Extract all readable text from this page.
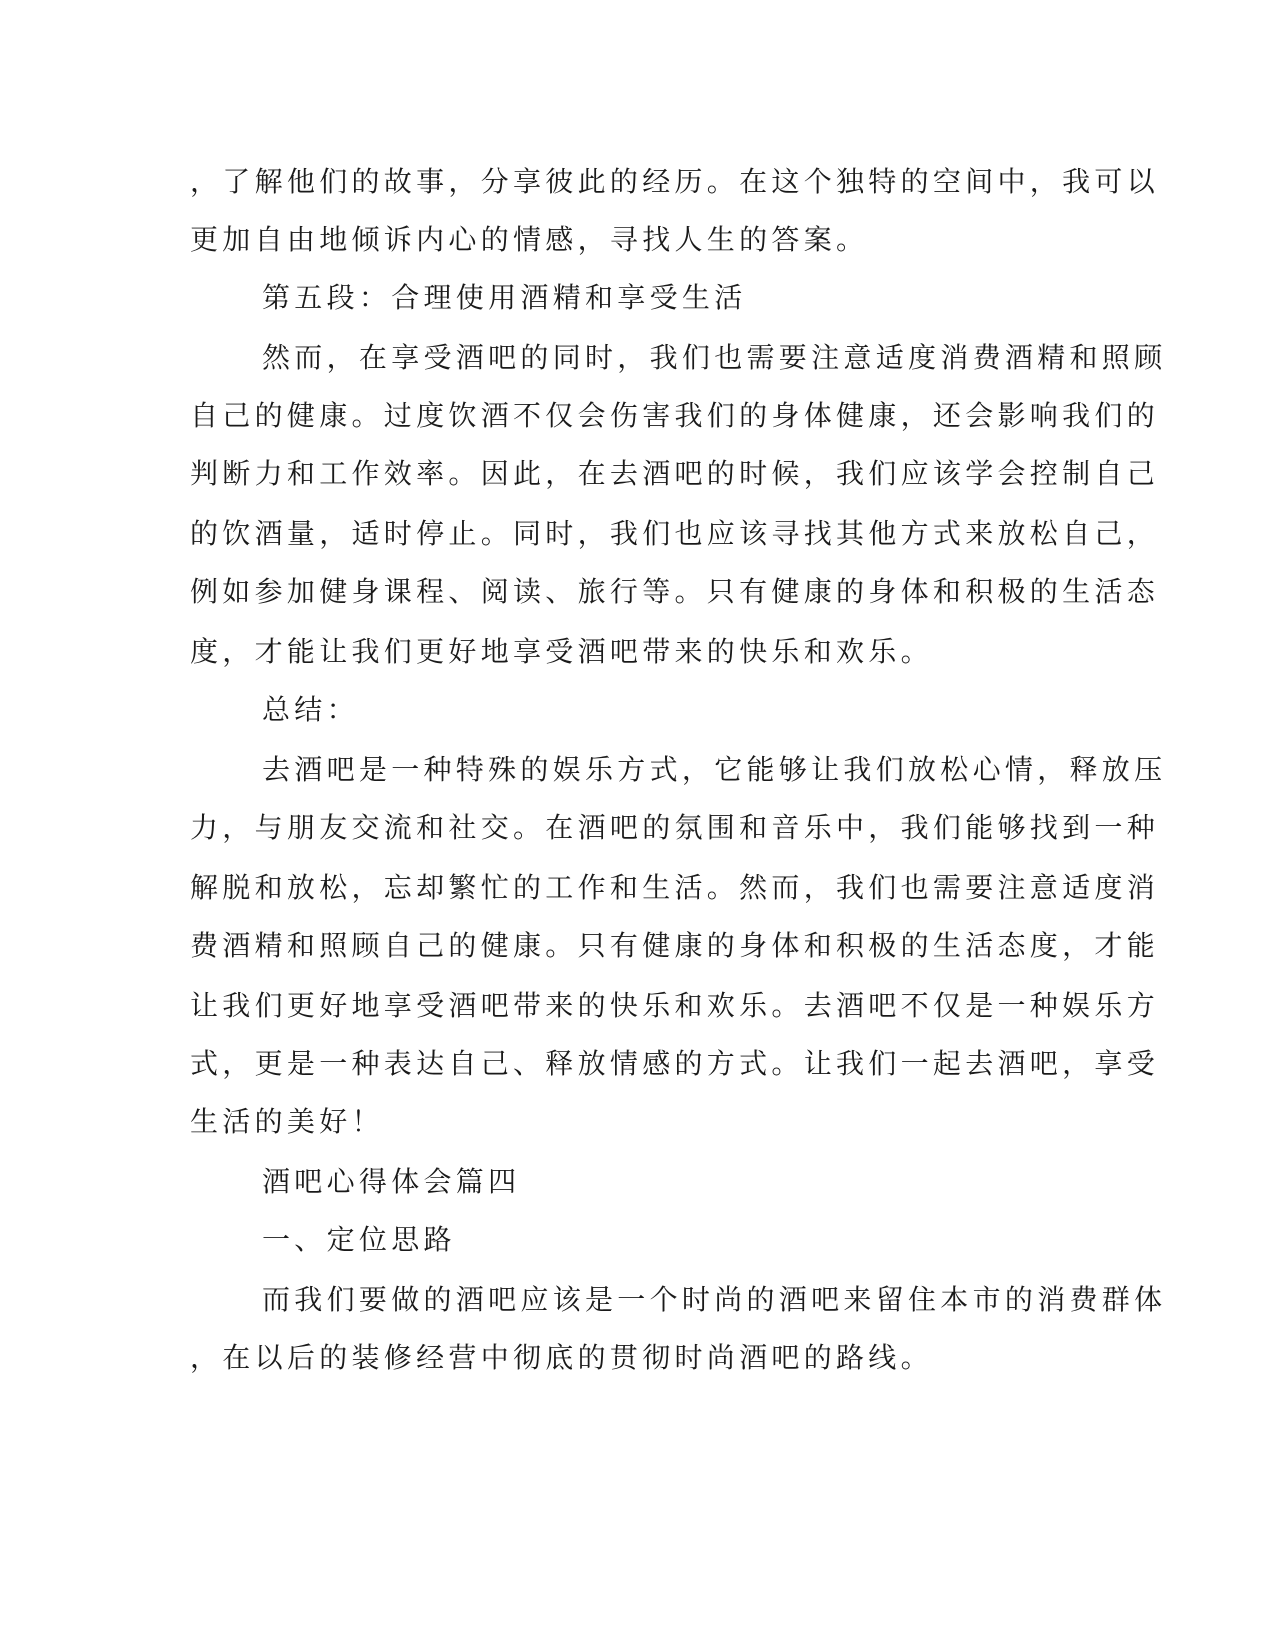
，了解他们的故事，分享彼此的经历。在这个独特的空间中，我可以

更加自由地倾诉内心的情感，寻找人生的答案。

第五段：合理使用酒精和享受生活

然而，在享受酒吧的同时，我们也需要注意适度消费酒精和照顾

自己的健康。过度饮酒不仅会伤害我们的身体健康，还会影响我们的

判断力和工作效率。因此，在去酒吧的时候，我们应该学会控制自己

的饮酒量，适时停止。同时，我们也应该寻找其他方式来放松自己，

例如参加健身课程、阅读、旅行等。只有健康的身体和积极的生活态

度，才能让我们更好地享受酒吧带来的快乐和欢乐。

总结：

去酒吧是一种特殊的娱乐方式，它能够让我们放松心情，释放压

力，与朋友交流和社交。在酒吧的氛围和音乐中，我们能够找到一种

解脱和放松，忘却繁忙的工作和生活。然而，我们也需要注意适度消

费酒精和照顾自己的健康。只有健康的身体和积极的生活态度，才能

让我们更好地享受酒吧带来的快乐和欢乐。去酒吧不仅是一种娱乐方

式，更是一种表达自己、释放情感的方式。让我们一起去酒吧，享受

生活的美好！

酒吧心得体会篇四

一、定位思路

而我们要做的酒吧应该是一个时尚的酒吧来留住本市的消费群体

，在以后的装修经营中彻底的贯彻时尚酒吧的路线。
